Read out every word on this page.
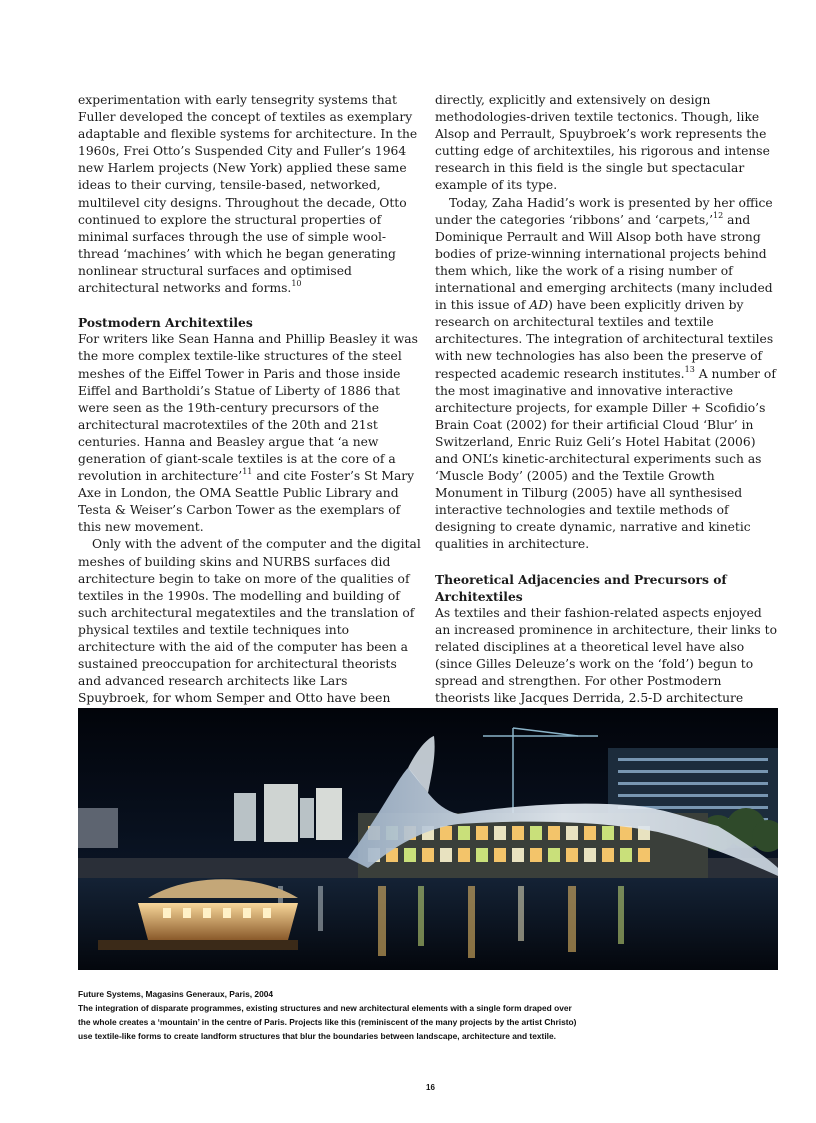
experimentation with early tensegrity systems that Fuller developed the concept of textiles as exemplary adaptable and flexible systems for architecture. In the 1960s, Frei Otto’s Suspended City and Fuller’s 1964 new Harlem projects (New York) applied these same ideas to their curving, tensile-based, networked, multilevel city designs. Throughout the decade, Otto continued to explore the structural properties of minimal surfaces through the use of simple wool-thread ‘machines’ with which he began generating nonlinear structural surfaces and optimised architectural networks and forms.$^{10}$

Postmodern Architextiles

For writers like Sean Hanna and Phillip Beasley it was the more complex textile-like structures of the steel meshes of the Eiffel Tower in Paris and those inside Eiffel and Bartholdi’s Statue of Liberty of 1886 that were seen as the 19th-century precursors of the architectural macrotextiles of the 20th and 21st centuries. Hanna and Beasley argue that ‘a new generation of giant-scale textiles is at the core of a revolution in architecture’$^{11}$ and cite Foster’s St Mary Axe in London, the OMA Seattle Public Library and Testa & Weiser’s Carbon Tower as the exemplars of this new movement.

Only with the advent of the computer and the digital meshes of building skins and NURBS surfaces did architecture begin to take on more of the qualities of textiles in the 1990s. The modelling and building of such architectural megatextiles and the translation of physical textiles and textile techniques into architecture with the aid of the computer has been a sustained preoccupation for architectural theorists and advanced research architects like Lars Spuybroek, for whom Semper and Otto have been

directly, explicitly and extensively on design methodologies-driven textile tectonics. Though, like Alsop and Perrault, Spuybroek’s work represents the cutting edge of architextiles, his rigorous and intense research in this field is the single but spectacular example of its type.

Today, Zaha Hadid’s work is presented by her office under the categories ‘ribbons’ and ‘carpets,’$^{12}$ and Dominique Perrault and Will Alsop both have strong bodies of prize-winning international projects behind them which, like the work of a rising number of international and emerging architects (many included in this issue of AD) have been explicitly driven by research on architectural textiles and textile architectures. The integration of architectural textiles with new technologies has also been the preserve of respected academic research institutes.$^{13}$ A number of the most imaginative and innovative interactive architecture projects, for example Diller + Scofidio’s Brain Coat (2002) for their artificial Cloud ‘Blur’ in Switzerland, Enric Ruiz Geli’s Hotel Habitat (2006) and ONL’s kinetic-architectural experiments such as ‘Muscle Body’ (2005) and the Textile Growth Monument in Tilburg (2005) have all synthesised interactive technologies and textile methods of designing to create dynamic, narrative and kinetic qualities in architecture.

Theoretical Adjacencies and Precursors of Architextiles

As textiles and their fashion-related aspects enjoyed an increased prominence in architecture, their links to related disciplines at a theoretical level have also (since Gilles Deleuze’s work on the ‘fold’) begun to spread and strengthen. For other Postmodern theorists like Jacques Derrida, 2.5-D architecture

Future Systems, Magasins Generaux, Paris, 2004
The integration of disparate programmes, existing structures and new architectural elements with a single form draped over
the whole creates a ‘mountain’ in the centre of Paris. Projects like this (reminiscent of the many projects by the artist Christo)
use textile-like forms to create landform structures that blur the boundaries between landscape, architecture and textile.
16
